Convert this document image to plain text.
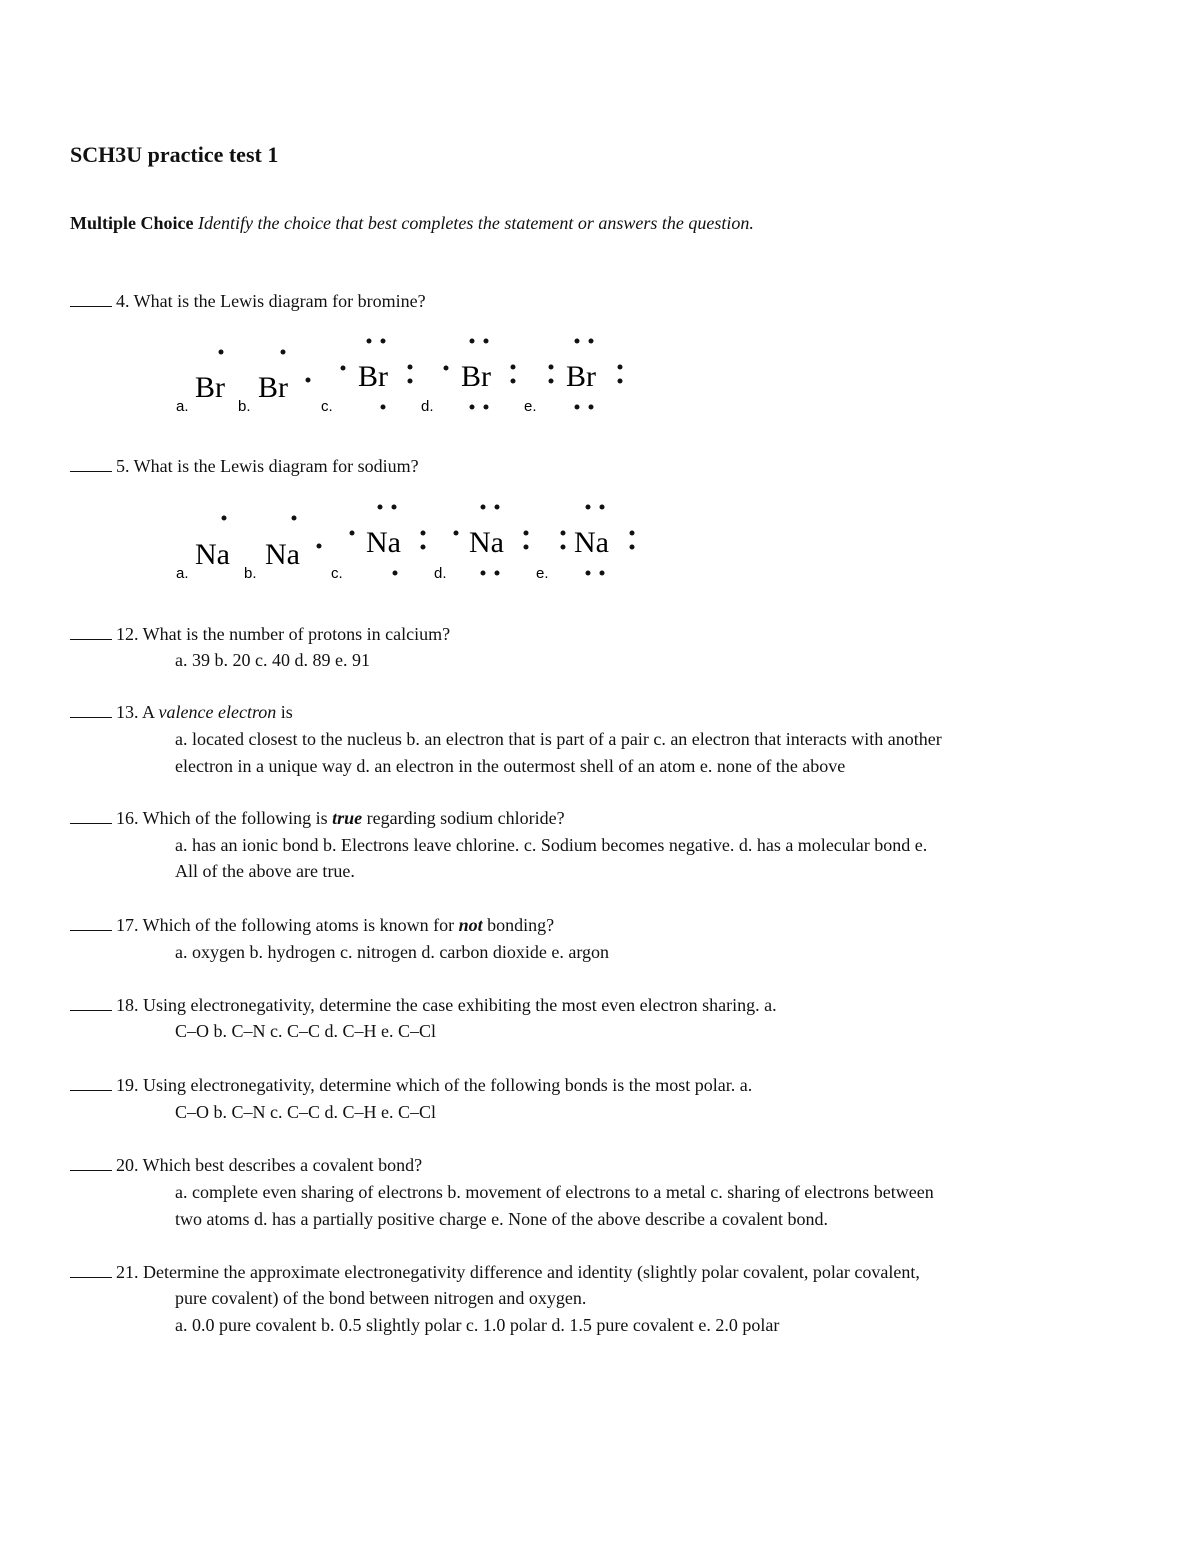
SCH3U practice test 1
Multiple Choice Identify the choice that best completes the statement or answers the question.
4. What is the Lewis diagram for bromine?
a.
Br
b.
Br
c.
Br
d.
Br
e.
Br
a.
Na
b.
Na
c.
Na
d.
Na
e.
Na
5. What is the Lewis diagram for sodium?
12. What is the number of protons in calcium?
a. 39 b. 20 c. 40 d. 89 e. 91
13. A valence electron is
a. located closest to the nucleus b. an electron that is part of a pair c. an electron that interacts with another
electron in a unique way d. an electron in the outermost shell of an atom e. none of the above
16. Which of the following is true regarding sodium chloride?
a. has an ionic bond b. Electrons leave chlorine. c. Sodium becomes negative. d. has a molecular bond e.
All of the above are true.
17. Which of the following atoms is known for not bonding?
a. oxygen b. hydrogen c. nitrogen d. carbon dioxide e. argon
18. Using electronegativity, determine the case exhibiting the most even electron sharing. a.
C–O b. C–N c. C–C d. C–H e. C–Cl
19. Using electronegativity, determine which of the following bonds is the most polar. a.
C–O b. C–N c. C–C d. C–H e. C–Cl
20. Which best describes a covalent bond?
a. complete even sharing of electrons b. movement of electrons to a metal c. sharing of electrons between
two atoms d. has a partially positive charge e. None of the above describe a covalent bond.
21. Determine the approximate electronegativity difference and identity (slightly polar covalent, polar covalent,
pure covalent) of the bond between nitrogen and oxygen.
a. 0.0 pure covalent b. 0.5 slightly polar c. 1.0 polar d. 1.5 pure covalent e. 2.0 polar
